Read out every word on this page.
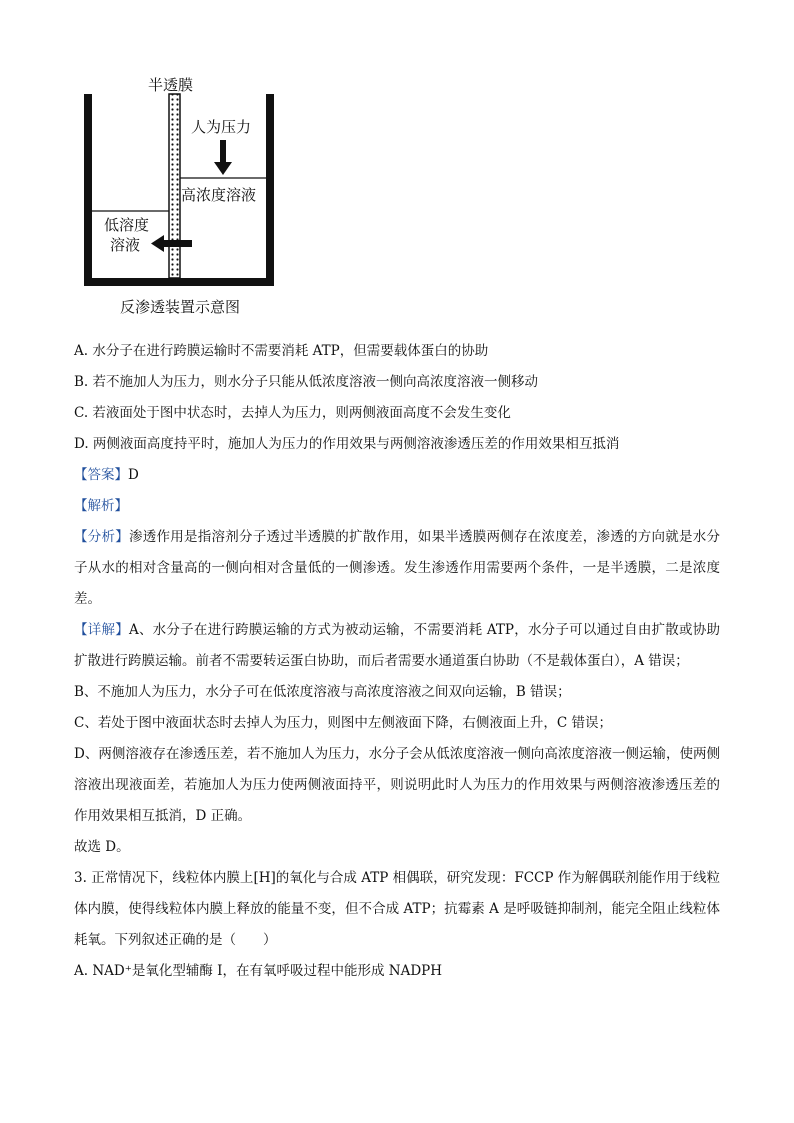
半透膜
人为压力
高浓度溶液
低溶度
溶液
反渗透装置示意图
A. 水分子在进行跨膜运输时不需要消耗 ATP，但需要载体蛋白的协助
B. 若不施加人为压力，则水分子只能从低浓度溶液一侧向高浓度溶液一侧移动
C. 若液面处于图中状态时，去掉人为压力，则两侧液面高度不会发生变化
D. 两侧液面高度持平时，施加人为压力的作用效果与两侧溶液渗透压差的作用效果相互抵消
【答案】D
【解析】
【分析】渗透作用是指溶剂分子透过半透膜的扩散作用，如果半透膜两侧存在浓度差，渗透的方向就是水分子从水的相对含量高的一侧向相对含量低的一侧渗透。发生渗透作用需要两个条件，一是半透膜，二是浓度差。
【详解】A、水分子在进行跨膜运输的方式为被动运输，不需要消耗 ATP，水分子可以通过自由扩散或协助扩散进行跨膜运输。前者不需要转运蛋白协助，而后者需要水通道蛋白协助（不是载体蛋白），A 错误；
B、不施加人为压力，水分子可在低浓度溶液与高浓度溶液之间双向运输，B 错误；
C、若处于图中液面状态时去掉人为压力，则图中左侧液面下降，右侧液面上升，C 错误；
D、两侧溶液存在渗透压差，若不施加人为压力，水分子会从低浓度溶液一侧向高浓度溶液一侧运输，使两侧溶液出现液面差，若施加人为压力使两侧液面持平，则说明此时人为压力的作用效果与两侧溶液渗透压差的作用效果相互抵消，D 正确。
故选 D。
3. 正常情况下，线粒体内膜上[H]的氧化与合成 ATP 相偶联，研究发现：FCCP 作为解偶联剂能作用于线粒体内膜，使得线粒体内膜上释放的能量不变，但不合成 ATP；抗霉素 A 是呼吸链抑制剂，能完全阻止线粒体耗氧。下列叙述正确的是（　　）
A. NAD⁺是氧化型辅酶 I，在有氧呼吸过程中能形成 NADPH
